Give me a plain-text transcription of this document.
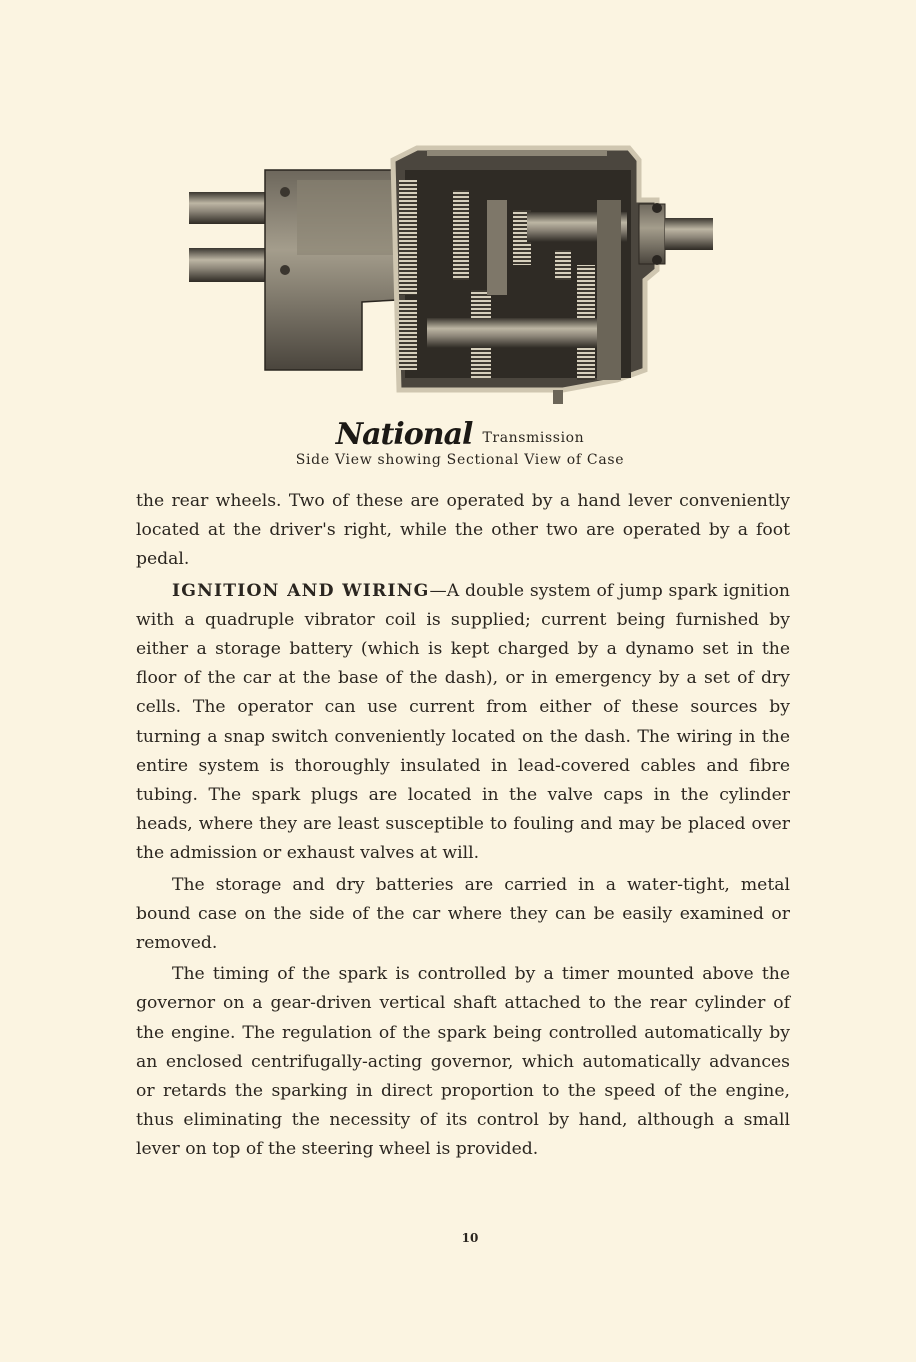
National Transmission
Side View showing Sectional View of Case

the rear wheels. Two of these are operated by a hand lever conveniently located at the driver's right, while the other two are operated by a foot pedal.

IGNITION AND WIRING—A double system of jump spark ignition with a quadruple vibrator coil is supplied; current being furnished by either a storage battery (which is kept charged by a dynamo set in the floor of the car at the base of the dash), or in emergency by a set of dry cells. The operator can use current from either of these sources by turning a snap switch conveniently located on the dash. The wiring in the entire system is thoroughly insulated in lead-covered cables and fibre tubing. The spark plugs are located in the valve caps in the cylinder heads, where they are least susceptible to fouling and may be placed over the admission or exhaust valves at will.

The storage and dry batteries are carried in a water-tight, metal bound case on the side of the car where they can be easily examined or removed.

The timing of the spark is controlled by a timer mounted above the governor on a gear-driven vertical shaft attached to the rear cylinder of the engine. The regulation of the spark being controlled automatically by an enclosed centrifugally-acting governor, which automatically advances or retards the sparking in direct proportion to the speed of the engine, thus eliminating the necessity of its control by hand, although a small lever on top of the steering wheel is provided.

10
